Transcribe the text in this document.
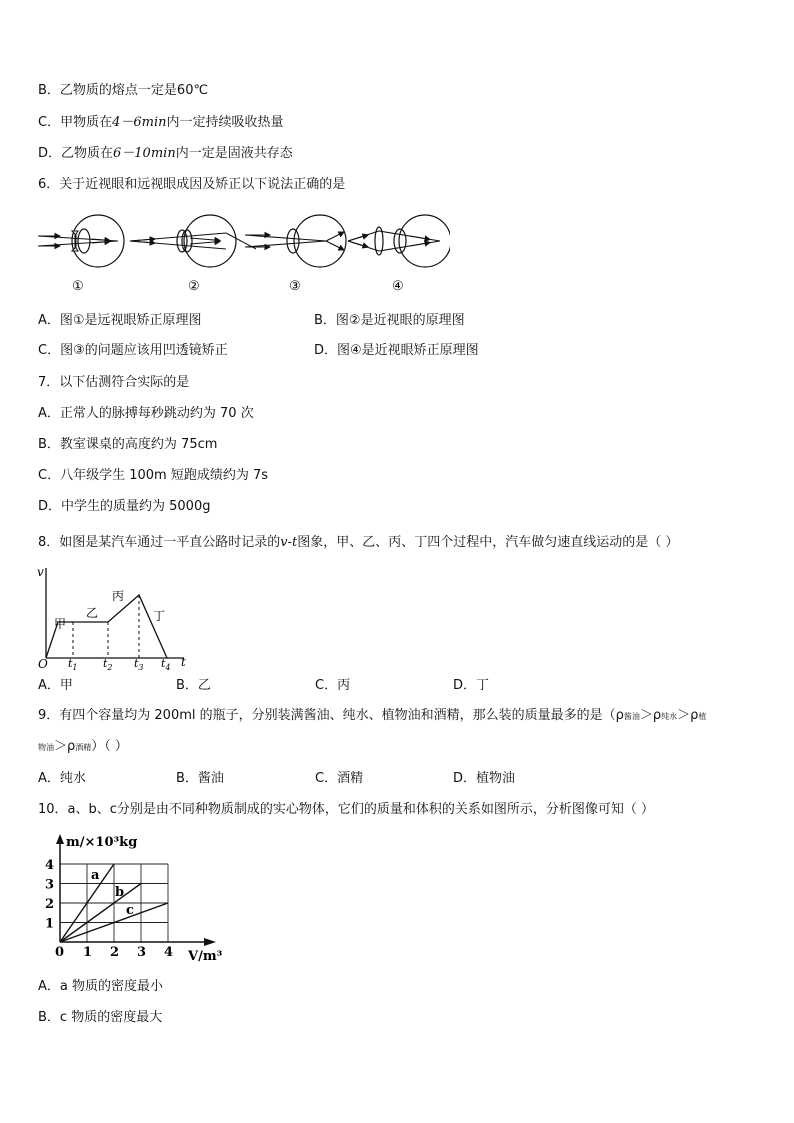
B．乙物质的熔点一定是60℃
C．甲物质在4－6min内一定持续吸收热量
D．乙物质在6－10min内一定是固液共存态
6．关于近视眼和远视眼成因及矫正以下说法正确的是
①	②	③	④
A．图①是远视眼矫正原理图	B．图②是近视眼的原理图
C．图③的问题应该用凹透镜矫正	D．图④是近视眼矫正原理图
7．以下估测符合实际的是
A．正常人的脉搏每秒跳动约为 70 次
B．教室课桌的高度约为 75cm
C．八年级学生 100m 短跑成绩约为 7s
D．中学生的质量约为 5000g
8．如图是某汽车通过一平直公路时记录的v-t图象，甲、乙、丙、丁四个过程中，汽车做匀速直线运动的是（ ）
v
t
O
甲
乙
丙
丁
$t_1$ $t_2$ $t_3$ $t_4$
A．甲	B．乙	C．丙	D．丁
9．有四个容量均为 200ml 的瓶子，分别装满酱油、纯水、植物油和酒精，那么装的质量最多的是（ρ酱油＞ρ纯水＞ρ植
物油＞ρ酒精）（ ）
A．纯水	B．酱油	C．酒精	D．植物油
10．a、b、c分别是由不同种物质制成的实心物体，它们的质量和体积的关系如图所示，分析图像可知（ ）
m/×10³kg
V/m³
0
1
2
3
4
1 2 3 4
a
b
c
A．a 物质的密度最小
B．c 物质的密度最大
